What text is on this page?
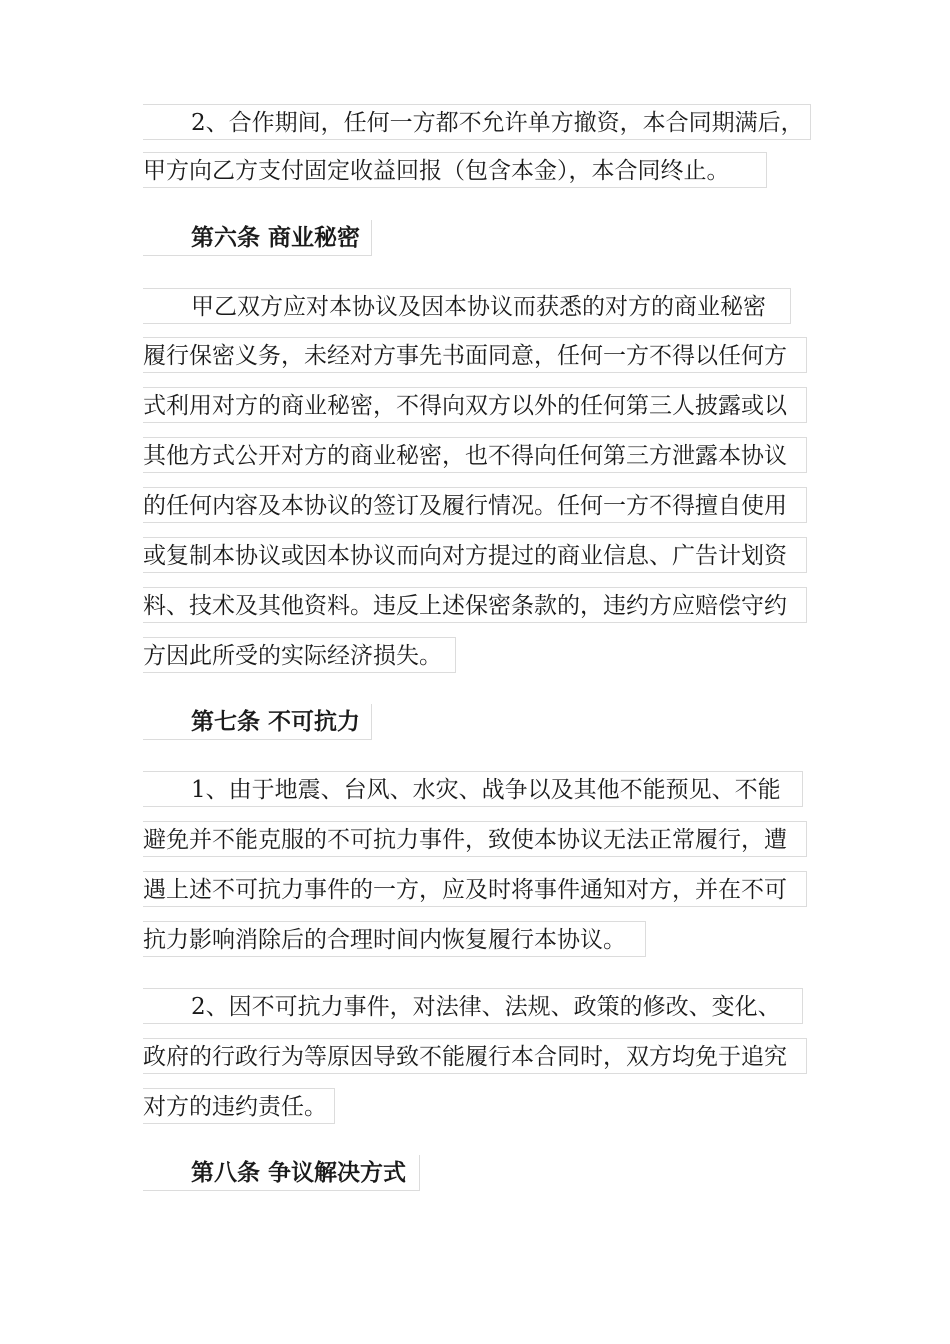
2、合作期间，任何一方都不允许单方撤资，本合同期满后，
甲方向乙方支付固定收益回报（包含本金），本合同终止。
第六条 商业秘密
甲乙双方应对本协议及因本协议而获悉的对方的商业秘密
履行保密义务，未经对方事先书面同意，任何一方不得以任何方
式利用对方的商业秘密，不得向双方以外的任何第三人披露或以
其他方式公开对方的商业秘密，也不得向任何第三方泄露本协议
的任何内容及本协议的签订及履行情况。任何一方不得擅自使用
或复制本协议或因本协议而向对方提过的商业信息、广告计划资
料、技术及其他资料。违反上述保密条款的，违约方应赔偿守约
方因此所受的实际经济损失。
第七条 不可抗力
1、由于地震、台风、水灾、战争以及其他不能预见、不能
避免并不能克服的不可抗力事件，致使本协议无法正常履行，遭
遇上述不可抗力事件的一方，应及时将事件通知对方，并在不可
抗力影响消除后的合理时间内恢复履行本协议。
2、因不可抗力事件，对法律、法规、政策的修改、变化、
政府的行政行为等原因导致不能履行本合同时，双方均免于追究
对方的违约责任。
第八条 争议解决方式
